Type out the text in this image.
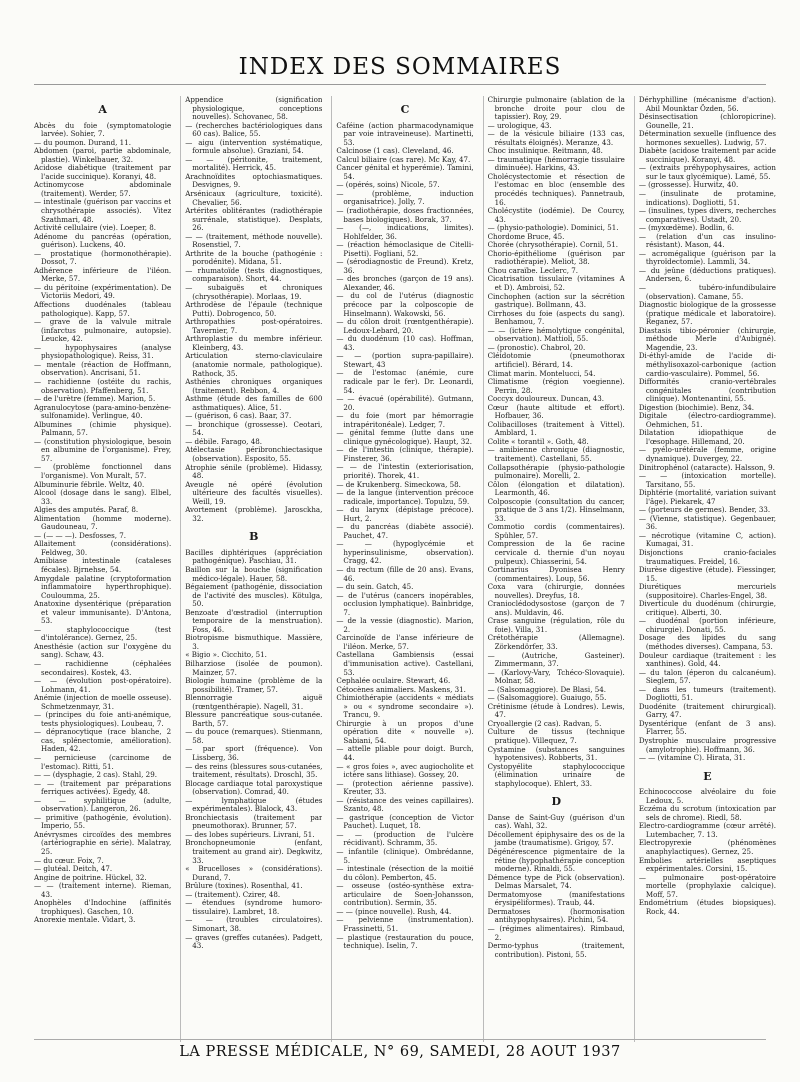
INDEX DES SOMMAIRES
A

Abcès du foie (symptomatologie larvée). Sohier, 7.

— du poumon. Durand, 11.

Abdomen (paroi, partie abdominale, plastie). Winkelbauer, 32.

Acidose diabétique (traitement par l'acide succinique). Koranyi, 48.

Actinomycose abdominale (traitement). Werder, 57.

— intestinale (guérison par vaccins et chrysothérapie associés). Vitez Szathmari, 48.

Activité cellulaire (vie). Loeper, 8.

Adénome du pancréas (opération, guérison). Luckens, 40.

— prostatique (hormonothérapie). Dossot, 7.

Adhérence inférieure de l'iléon. Merke, 57.

— du péritoine (expérimentation). De Victoriis Medori, 49.

Affections duodénales (tableau pathologique). Kapp, 57.

— grave de la valvule mitrale (infarctus pulmonaire, autopsie). Leucke, 42.

— hypophysaires (analyse physiopathologique). Reiss, 31.

— mentale (réaction de Hoffmann, observation). Ancrisani, 51.

— rachidienne (ostéite du rachis, observation). Pfaffenberg, 51.

— de l'urètre (femme). Marion, 5.

Agranulocytose (para-amino-benzène-sulfonamide). Verlingue, 40.

Albumines (chimie physique). Palmann, 57.

— (constitution physiologique, besoin en albumine de l'organisme). Frey, 57.

— (problème fonctionnel dans l'organisme). Von Muralt, 57.

Albuminurie fébrile. Weltz, 40.

Alcool (dosage dans le sang). Elbel, 33.

Algies des amputés. Paraf, 8.

Alimentation (homme moderne). Gaudouneau, 7.

— (— — —). Desfosses, 7.

Allaitement (considérations). Feldweg, 30.

Amibiase intestinale (cataleses fécales). Bjrnehse, 54.

Amygdale palatine (cryptoformation inflammatoire hyperthrophique). Couloumma, 25.

Anatoxine dysentérique (préparation et valeur immunisante). D'Antona, 53.

— staphylococcique (test d'intolérance). Gernez, 25.

Anesthésie (action sur l'oxygène du sang). Schaw, 43.

— rachidienne (céphalées secondaires). Kostek, 43.

— — (évolution post-opératoire). Lohmann, 41.

Anémie (injection de moelle osseuse). Schmetzenmayr, 31.

— (principes du foie anti-anémique, tests physiologiques). Loubeau, 7.

— dépranocytique (race blanche, 2 cas, splénectomie, amélioration). Haden, 42.

— pernicieuse (carcinome de l'estomac). Ritti, 51.

— — (dysphagie, 2 cas). Stahl, 29.

— — (traitement par préparations ferriques activées). Egedy, 48.

— — syphilitique (adulte, observation). Langeron, 26.

— primitive (pathogénie, évolution). Imperio, 55.

Anévrysmes circoïdes des membres (artériographie en série). Malatray, 25.

— du cœur. Foix, 7.

— glutéal. Deitch, 47.

Angine de poitrine. Hückel, 32.

— — (traitement interne). Rieman, 43.

Anophèles d'Indochine (affinités trophiques). Gaschen, 10.

Anorexie mentale. Vidart, 3.

Appendice (signification physiologique, conceptions nouvelles). Schovanec, 58.

— (recherches bactériologiques dans 60 cas). Balice, 55.

— aigu (intervention systématique, formule absolue). Graziani, 54.

— — (péritonite, traitement, mortalité). Herrick, 45.

Arachnoïdites optochiasmatiques. Desvignes, 9.

Arsénicaux (agriculture, toxicité). Chevalier, 56.

Artérites oblitérantes (radiothérapie surrénale, statistique). Desplats, 26.

— — (traitement, méthode nouvelle). Rosenstiel, 7.

Arthrite de la bouche (pathogénie : porodénite). Midana, 51.

— rhumatoïde (tests diagnostiques, comparaison). Short, 44.

— subaiguës et chroniques (chrysothérapie). Morlaas, 19.

Arthrodèse de l'épaule (technique Putti). Dobrogenco, 50.

Arthropathies post-opératoires. Tavernier, 7.

Arthroplastie du membre inférieur. Kleinberg, 43.

Articulation sterno-claviculaire (anatomie normale, pathologique). Rathock, 35.

Asthénies chroniques organiques (traitement). Rebbon, 4.

Asthme (étude des familles de 600 asthmatiques). Alice, 51.

— (guérison, 6 cas). Baar, 37.

— bronchique (grossesse). Ceotari, 54.

— débile. Farago, 48.

Atélectasie péribronchiectasique (observation). Esposito, 55.

Atrophie sénile (problème). Hidassy, 48.

Aveugle né opéré (évolution ultérieure des facultés visuelles). Weill, 19.

Avortement (problème). Jarosckha, 32.

B

Bacilles diphtériques (appréciation pathogénique). Paschiau, 31.

Baillon sur la bouche (signification médico-légale). Hauer, 58.

Bégaiement (pathogénie, dissociation de l'activité des muscles). Kötulga, 50.

Benzoate d'œstradiol (interruption temporaire de la menstruation). Foss, 46.

Biotropisme bismuthique. Massière, 3.

« Bigio ». Cicchito, 51.

Bilharziose (isolée de poumon). Mainzer, 57.

Biologie humaine (problème de la possibilité). Tramer, 57.

Blennorragie aiguë (rœntgenthérapie). Nagell, 31.

Blessure pancréatique sous-cutanée. Barth, 57.

— du pouce (remarques). Stienmann, 58.

— par sport (fréquence). Von Lissberg, 36.

— des reins (blessures sous-cutanées, traitement, résultats). Droschl, 35.

Blocage cardiaque total paroxystique (observation). Comrad, 40.

— lymphatique (études expérimentales). Blalock, 43.

Bronchiectasis (traitement par pneumothorax). Brunner, 57.

— des lobes supérieurs. Livrani, 51.

Bronchopneumonie (enfant, traitement au grand air). Degkwitz, 33.

« Brucelloses » (considérations). Durand, 7.

Brûlure (toxines). Rosenthal, 41.

— (traitement). Czirer, 48.

— étendues (syndrome humoro-tissulaire). Lambret, 18.

— — (troubles circulatoires). Simonart, 38.

— graves (greffes cutanées). Padgett, 43.

C

Caféine (action pharmacodynamique par voie intraveineuse). Martinetti, 53.

Calcinose (1 cas). Cleveland, 46.

Calcul biliaire (cas rare). Mc Kay, 47.

Cancer génital et hyperémie). Tamini, 54.

— (opérés, soins) Nicole, 57.

— (problème, induction organisatrice). Jolly, 7.

— (radiothérapie, doses fractionnées, bases biologiques). Borak, 37.

— (—, indications, limites). Hohlfelder, 36.

— (réaction hémoclasique de Citelli-Pisetti). Fogliani, 52.

— (sérodiagnostic de Freund). Kretz, 36.

— des bronches (garçon de 19 ans). Alexander, 46.

— du col de l'utérus (diagnostic précoce par la colposcopie de Hinselmann). Wakowski, 56.

— du côlon droit (rœntgenthérapie). Ledoux-Lebard, 20.

— du duodénum (10 cas). Hoffman, 43.

— — (portion supra-papillaire). Stewart, 43

— de l'estomac (anémie, cure radicale par le fer). Dr. Leonardi, 54.

— — évacué (opérabilité). Gutmann, 20.

— du foie (mort par hémorragie intrapéritonéale). Ledger, 7.

— génital femme (lutte dans une clinique gynécologique). Haupt, 32.

— de l'intestin (clinique, thérapie). Finsterer, 36.

— — de l'intestin (exteriorisation, priorité). Thorek, 41.

— de Krukenberg. Simeckowa, 58.

— de la langue (intervention précoce radicale, importance). Topulzu, 59.

— du larynx (dépistage précoce). Hurt, 2.

— du pancréas (diabète associé). Pauchet, 47.

— — (hypoglycémie et hyperinsulinisme, observation). Cragg, 42.

— du rectum (fille de 20 ans). Evans, 46.

— du sein. Gatch, 45.

— de l'utérus (cancers inopérables, occlusion lymphatique). Bainbridge, 7.

— de la vessie (diagnostic). Marion, 2.

Carcinoïde de l'anse inférieure de l'iléon. Merke, 57.

Castellana Gambiensis (essai d'immunisation active). Castellani, 53.

Cephalée oculaire. Stewart, 46.

Cétocènes animaliers. Maskens, 31.

Chimiothérapie (accidents « médiats » ou « syndrome secondaire »). Trancu, 9.

Chirurgie à un propos d'une opération dite « nouvelle »). Sabiani, 54.

— attelle pliable pour doigt. Burch, 44.

— « gros foies », avec augiocholite et ictère sans lithiase). Gossey, 20.

— (protection aérienne passive). Kreuter, 33.

— (résistance des veines capillaires). Szanto, 48.

— gastrique (conception de Victor Pauchet). Luquet, 18.

— — (production de l'ulcère récidivant). Schramm, 35.

— infantile (clinique). Ombrédanne, 5.

— intestinale (résection de la moitié du côlon). Pemberton, 45.

— osseuse (ostéo-synthèse extra-articulaire de Soen-Johansson, contribution). Sermin, 35.

— — (pince nouvelle). Rush, 44.

— pelvienne (instrumentation). Frassinetti, 51.

— plastique (restauration du pouce, technique). Iselin, 7.

Chirurgie pulmonaire (ablation de la bronche droite pour clou de tapissier). Roy, 29.

— urologique, 43.

— de la vésicule biliaire (133 cas, résultats éloignés). Meranze, 43.

Choc insulinique. Reitmann, 48.

— traumatique (hémorragie tissulaire diminuée). Harkins, 43.

Cholécystectomie et résection de l'estomac en bloc (ensemble des procédés techniques). Pannetraub, 16.

Cholécystite (iodémie). De Courcy, 43.

— (physio-pathologie). Dominici, 51.

Chordome Bruce, 45.

Chorée (chrysothérapie). Cornil, 51.

Chorio-épithéliome (guérison par radiothérapie). Meliot, 38.

Chou caraïbe. Leclerc, 7.

Cicatrisation tissulaire (vitamines A et D). Ambroisi, 52.

Cinchophen (action sur la sécrétion gastrique). Bollmann, 43.

Cirrhoses du foie (aspects du sang). Benhamou, 7.

— — (ictère hémolytique congénital, observation). Mattioli, 55.

— (pronostic). Chabrol, 20.

Cléidotomie (pneumothorax artificiel). Bérard, 14.

Climat marin. Montelucci, 54.

Climatisme (région voegienne). Perrin, 28.

Coccyx douloureux. Duncan, 43.

Cœur (haute altitude et effort). Hofbauer, 36.

Colibacilloses (traitement à Vittel). Amblard, 1.

Colite « torantil ». Goth, 48.

— amibienne chronique (diagnostic, traitement). Castellani, 55.

Collapsothérapie (physio-pathologie pulmonaire). Morelli, 2.

Côlon (élongation et dilatation). Learmonth, 46.

Colposcopie (consultation du cancer, pratique de 3 ans 1/2). Hinselmann, 33.

Commotio cordis (commentaires). Spühler, 57.

Compression de la 6e racine cervicale d. thernie d'un noyau pulpeux). Chiasserini, 54.

Cortinarius Dyonisea Henry (commentaires). Loup, 56.

Coxa vara (chirurgie, données nouvelles). Dreyfus, 18.

Cranioclédodysostose (garçon de 7 ans). Muldavin, 46.

Crase sanguine (régulation, rôle du foie). Villa, 31.

Crétothérapie (Allemagne). Zörkendörfer, 33.

— (Autriche, Gasteiner). Zimmermann, 37.

— (Karlovy-Vary, Tchéco-Slovaquie). Molnar, 58.

— (Salsomaggiore). De Blasi, 54.

— (Salsomaggiore). Guaiugo, 55.

Crétinisme (étude à Londres). Lewis, 47.

Cryoallergie (2 cas). Radvan, 5.

Culture de tissus (technique pratique). Villequez, 7.

Cystamine (substances sanguines hypotensives). Robberts, 31.

Cystopyélite staphylococcique (élimination urinaire de staphylocoque). Ehlert, 33.

D

Danse de Saint-Guy (guérison d'un cas). Wahl, 32.

Décollement épiphysaire des os de la jambe (traumatisme). Grigoy, 57.

Dégénérescence pigmentaire de la rétine (hypophathérapie conception moderne). Rinaldi, 55.

Démence type de Pick (observation). Delmas Marsalet, 74.

Dermatomyose (manifestations érysipéliformes). Traub, 44.

Dermatoses (hormonisation antihypophysaires). Pichini, 54.

— (régimes alimentaires). Rimbaud, 2.

Dermo-typhus (traitement, contribution). Pistoni, 55.

Dérhyphilline (mécanisme d'action). Abil Mounktar Özden, 56.

Désinsectisation (chloropicrine). Gounelle, 21.

Détermination sexuelle (influence des hormones sexuelles). Ludwig, 57.

Diabète (acidose traitement par acide succinique). Koranyi, 48.

— (extraits préhypophysaires, action sur le taux glycémique). Lamé, 55.

— (grossesse). Hurwitz, 40.

— (insulinate de protamine, indications). Dogliotti, 51.

— (insulines, types divers, recherches comparatives). Ustadt, 20.

— (myxœdème). Bodlin, 6.

— (relation d'un cas insulino-résistant). Mason, 44.

— acromégalique (guérison par la thyroïdectomie). Lammli, 34.

— du jeûne (déductions pratiques). Andersen, 6.

— tubéro-infundibulaire (observation). Camane, 55.

Diagnostic biologique de la grossesse (pratique médicale et laboratoire). Reganez, 57.

Diastasis tibio-péronier (chirurgie, méthode Merle d'Aubigné). Magendie, 23.

Di-éthyl-amide de l'acide di-méthylisoxazol-carbonique (action cardio-vasculaire). Pommel, 56.

Difformités cranio-vertébrales congénitales (contribution clinique). Montenantini, 55.

Digestion (biochimie). Benz, 34.

Digitale (électro-cardiogramme). Oehmichen, 51.

Dilatation idiopathique de l'œsophage. Hillemand, 20.

— pyélo-urétérale (femme, origine dynamique). Duvergey, 22.

Dinitrophénol (cataracte). Halsson, 9.

— — (intoxication mortelle). Tarsitano, 55.

Diphtérie (mortalité, variation suivant l'âge). Piekarek, 47

— (porteurs de germes). Bender, 33.

— (Vienne, statistique). Gegenbauer, 36.

— nécrotique (vitamine C, action). Kumagai, 31.

Disjonctions cranio-faciales traumatiques. Freidel, 16.

Diurèse digestive (étude). Fiessinger, 15.

Diurétiques mercuriels (suppositoire). Charles-Engel, 38.

Diverticule du duodénum (chirurgie, critique). Alberti, 30.

— duodénal (portion inférieure, chirurgie). Donati, 55.

Dosage des lipides du sang (méthodes diverses). Campana, 53.

Douleur cardiaque (traitement : les xanthines). Gold, 44.

— du talon (éperon du calcanéum). Sieglem, 57.

— dans les tumeurs (traitement). Dogliotti, 51.

Duodénite (traitement chirurgical). Garry, 47.

Dysentérique (enfant de 3 ans). Flarrer, 55.

Dystrophie musculaire progressive (amylotrophie). Hoffmann, 36.

— — (vitamine C). Hirata, 31.

E

Echinococcose alvéolaire du foie Ledoux, 5.

Eczéma du scrotum (intoxication par sels de chrome). Riedl, 58.

Electro-cardiogramme (cœur arrêté). Lutembacher, 7. 13.

Electropyrexie (phénomènes anaphylactiques). Gernez, 25.

Embolies artérielles aseptiques expérimentales. Corsini, 15.

— pulmonaire post-opératoire mortelle (prophylaxie calcique). Moff, 57.

Endométrium (études biopsiques). Rock, 44.

LA PRESSE MÉDICALE, N° 69, SAMEDI, 28 AOUT 1937
